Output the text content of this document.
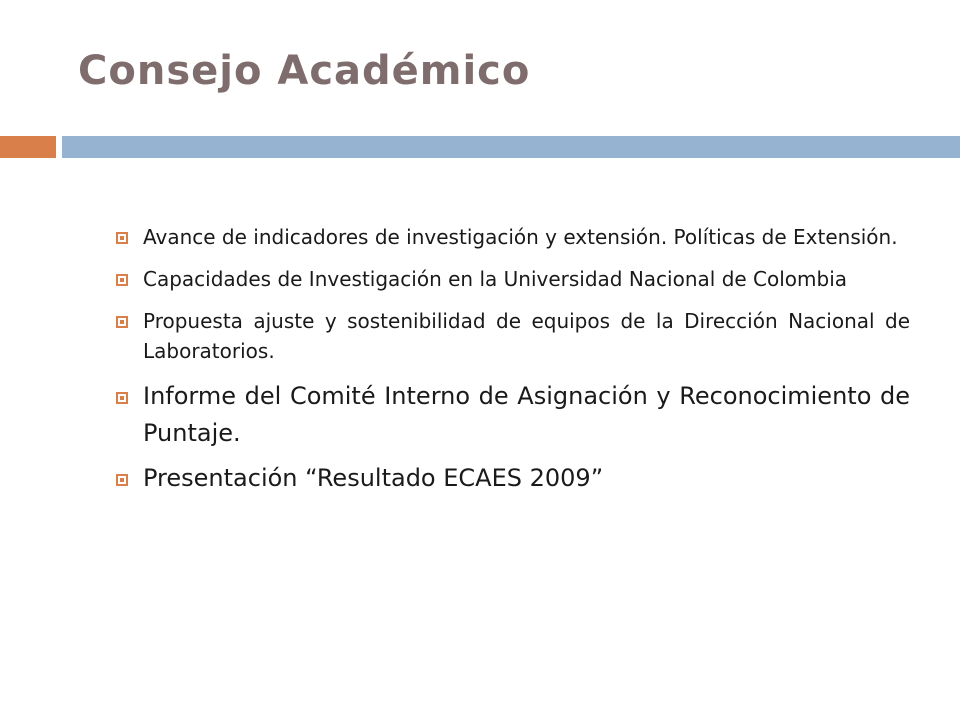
Consejo Académico
Avance de indicadores de investigación y extensión. Políticas de Extensión.
Capacidades de Investigación en la Universidad Nacional de Colombia
Propuesta ajuste y sostenibilidad de equipos de la Dirección Nacional de Laboratorios.
Informe del Comité Interno de Asignación y Reconocimiento de Puntaje.
Presentación “Resultado ECAES 2009”
